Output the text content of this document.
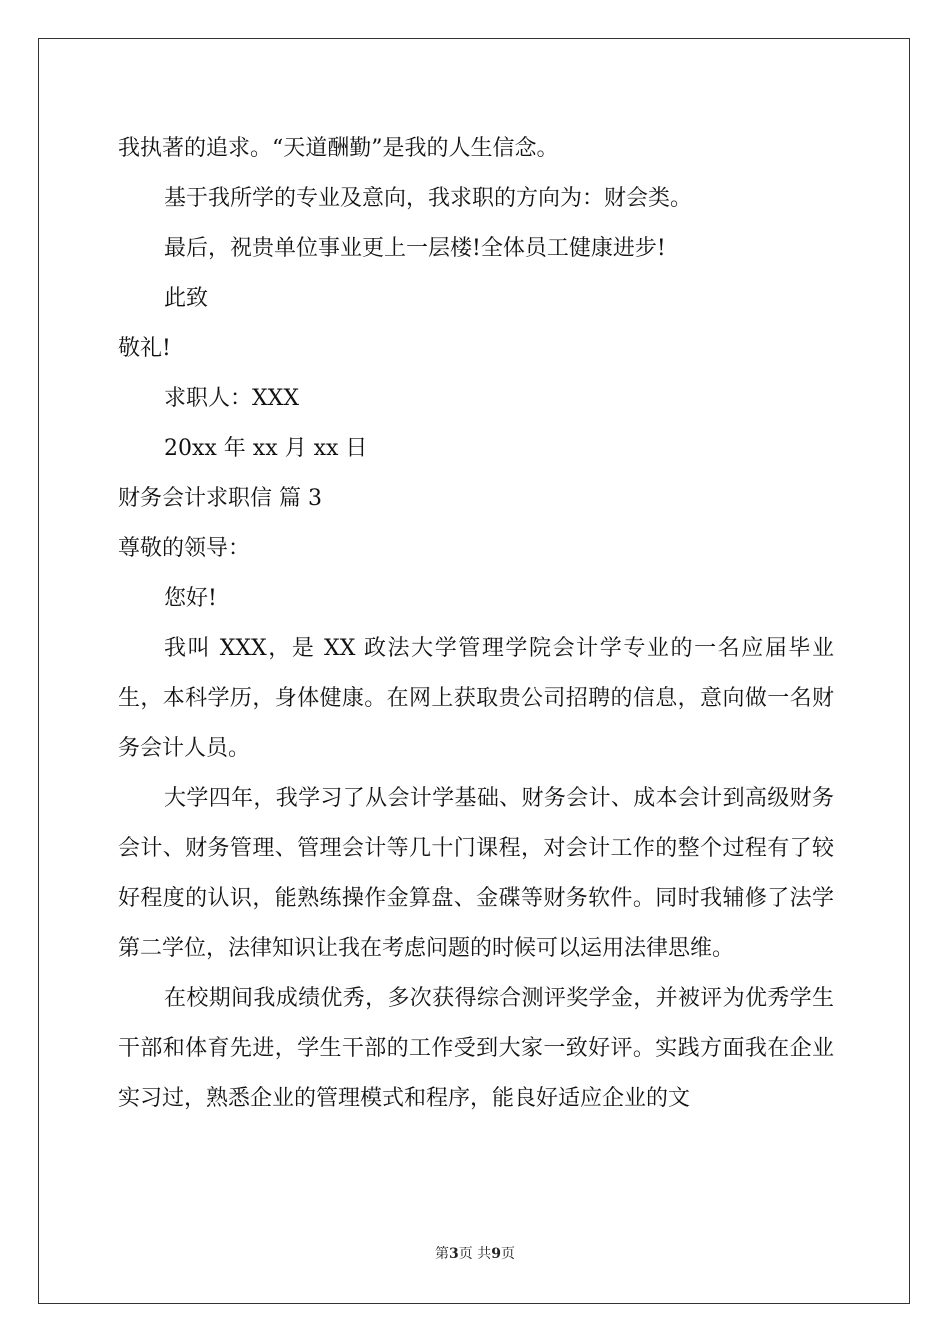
我执著的追求。“天道酬勤”是我的人生信念。
基于我所学的专业及意向，我求职的方向为：财会类。
最后，祝贵单位事业更上一层楼!全体员工健康进步!
此致
敬礼!
求职人：XXX
20xx 年 xx 月 xx 日
财务会计求职信 篇 3
尊敬的领导：
您好!
我叫 XXX，是 XX 政法大学管理学院会计学专业的一名应届毕业生，本科学历，身体健康。在网上获取贵公司招聘的信息，意向做一名财务会计人员。
大学四年，我学习了从会计学基础、财务会计、成本会计到高级财务会计、财务管理、管理会计等几十门课程，对会计工作的整个过程有了较好程度的认识，能熟练操作金算盘、金碟等财务软件。同时我辅修了法学第二学位，法律知识让我在考虑问题的时候可以运用法律思维。
在校期间我成绩优秀，多次获得综合测评奖学金，并被评为优秀学生干部和体育先进，学生干部的工作受到大家一致好评。实践方面我在企业实习过，熟悉企业的管理模式和程序，能良好适应企业的文
第3页 共9页
